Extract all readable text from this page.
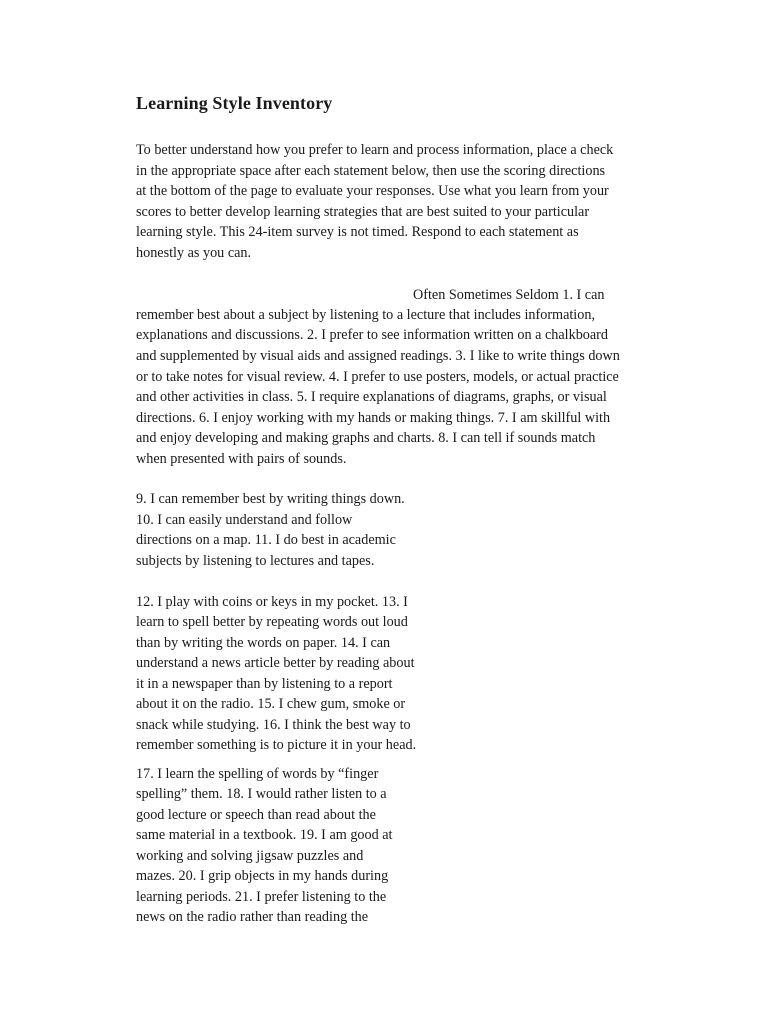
Learning Style Inventory
To better understand how you prefer to learn and process information, place a check
in the appropriate space after each statement below, then use the scoring directions
at the bottom of the page to evaluate your responses. Use what you learn from your
scores to better develop learning strategies that are best suited to your particular
learning style. This 24-item survey is not timed. Respond to each statement as
honestly as you can.
Often Sometimes Seldom 1. I can
remember best about a subject by listening to a lecture that includes information,
explanations and discussions. 2. I prefer to see information written on a chalkboard
and supplemented by visual aids and assigned readings. 3. I like to write things down
or to take notes for visual review. 4. I prefer to use posters, models, or actual practice
and other activities in class. 5. I require explanations of diagrams, graphs, or visual
directions. 6. I enjoy working with my hands or making things. 7. I am skillful with
and enjoy developing and making graphs and charts. 8. I can tell if sounds match
when presented with pairs of sounds.
9. I can remember best by writing things down.
10. I can easily understand and follow
directions on a map. 11. I do best in academic
subjects by listening to lectures and tapes.
12. I play with coins or keys in my pocket. 13. I
learn to spell better by repeating words out loud
than by writing the words on paper. 14. I can
understand a news article better by reading about
it in a newspaper than by listening to a report
about it on the radio. 15. I chew gum, smoke or
snack while studying. 16. I think the best way to
remember something is to picture it in your head.
17. I learn the spelling of words by “finger
spelling” them. 18. I would rather listen to a
good lecture or speech than read about the
same material in a textbook. 19. I am good at
working and solving jigsaw puzzles and
mazes. 20. I grip objects in my hands during
learning periods. 21. I prefer listening to the
news on the radio rather than reading the
